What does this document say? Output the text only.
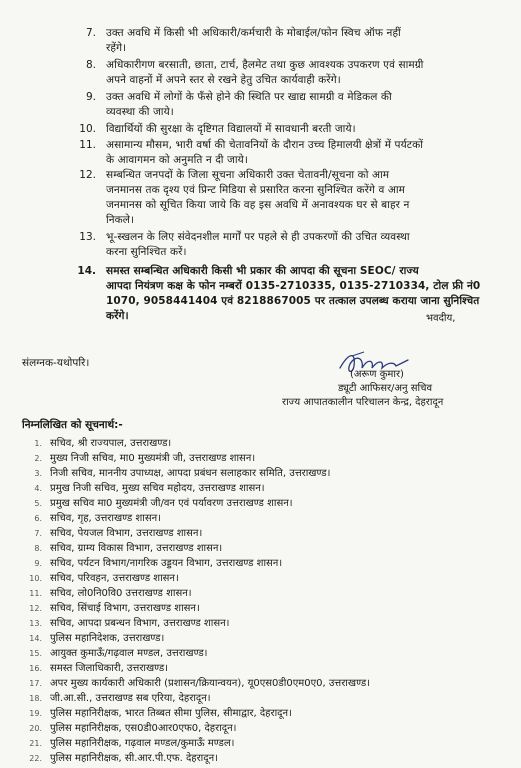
7. उक्त अवधि में किसी भी अधिकारी/कर्मचारी के मोबाईल/फोन स्विच ऑफ नहीं
रहेंगे।
8. अधिकारीगण बरसाती, छाता, टार्च, हैलमेट तथा कुछ आवश्यक उपकरण एवं सामग्री
अपने वाहनों में अपने स्तर से रखने हेतु उचित कार्यवाही करेंगे।
9. उक्त अवधि में लोगों के फँसे होने की स्थिति पर खाद्य सामग्री व मेडिकल की
व्यवस्था की जाये।
10. विद्यार्थियों की सुरक्षा के दृष्टिगत विद्यालयों में सावधानी बरती जाये।
11. असामान्य मौसम, भारी वर्षा की चेतावनियों के दौरान उच्च हिमालयी क्षेत्रों में पर्यटकों
के आवागमन को अनुमति न दी जाये।
12. सम्बन्धित जनपदों के जिला सूचना अधिकारी उक्त चेतावनी/सूचना को आम
जनमानस तक दृश्य एवं प्रिन्ट मिडिया से प्रसारित करना सुनिश्चित करेंगे व आम
जनमानस को सूचित किया जाये कि वह इस अवधि में अनावश्यक घर से बाहर न
निकले।
13. भू-स्खलन के लिए संवेदनशील मार्गों पर पहले से ही उपकरणों की उचित व्यवस्था
करना सुनिश्चित करें।
14. समस्त सम्बन्धित अधिकारी किसी भी प्रकार की आपदा की सूचना SEOC/ राज्य
आपदा नियंत्रण कक्ष के फोन नम्बरों 0135-2710335, 0135-2710334, टोल फ्री नं0
1070, 9058441404 एवं 8218867005 पर तत्काल उपलब्ध कराया जाना सुनिश्चित
करेंगे।
संलग्नक-यथोपरि।
भवदीय,
(अरूण कुमार)
ड्यूटी आफिसर/अनु सचिव
राज्य आपातकालीन परिचालन केन्द्र, देहरादून
निम्नलिखित को सूचनार्थ:-
1. सचिव, श्री राज्यपाल, उत्तराखण्ड।
2. मुख्य निजी सचिव, मा0 मुख्यमंत्री जी, उत्तराखण्ड शासन।
3. निजी सचिव, माननीय उपाध्यक्ष, आपदा प्रबंधन सलाहकार समिति, उत्तराखण्ड।
4. प्रमुख निजी सचिव, मुख्य सचिव महोदय, उत्तराखण्ड शासन।
5. प्रमुख सचिव मा0 मुख्यमंत्री जी/वन एवं पर्यावरण उत्तराखण्ड शासन।
6. सचिव, गृह, उत्तराखण्ड शासन।
7. सचिव, पेयजल विभाग, उत्तराखण्ड शासन।
8. सचिव, ग्राम्य विकास विभाग, उत्तराखण्ड शासन।
9. सचिव, पर्यटन विभाग/नागरिक उड्डयन विभाग, उत्तराखण्ड शासन।
10. सचिव, परिवहन, उत्तराखण्ड शासन।
11. सचिव, लो0नि0वि0 उत्तराखण्ड शासन।
12. सचिव, सिंचाई विभाग, उत्तराखण्ड शासन।
13. सचिव, आपदा प्रबन्धन विभाग, उत्तराखण्ड शासन।
14. पुलिस महानिदेशक, उत्तराखण्ड।
15. आयुक्त कुमाऊँ/गढ़वाल मण्डल, उत्तराखण्ड।
16. समस्त जिलाधिकारी, उत्तराखण्ड।
17. अपर मुख्य कार्यकारी अधिकारी (प्रशासन/क्रियान्वयन), यू0एस0डी0एम0ए0, उत्तराखण्ड।
18. जी.आ.सी., उत्तराखण्ड सब एरिया, देहरादून।
19. पुलिस महानिरीक्षक, भारत तिब्बत सीमा पुलिस, सीमाद्वार, देहरादून।
20. पुलिस महानिरीक्षक, एस0डी0आर0एफ0, देहरादून।
21. पुलिस महानिरीक्षक, गढ़वाल मण्डल/कुमाऊँ मण्डल।
22. पुलिस महानिरीक्षक, सी.आर.पी.एफ. देहरादून।
